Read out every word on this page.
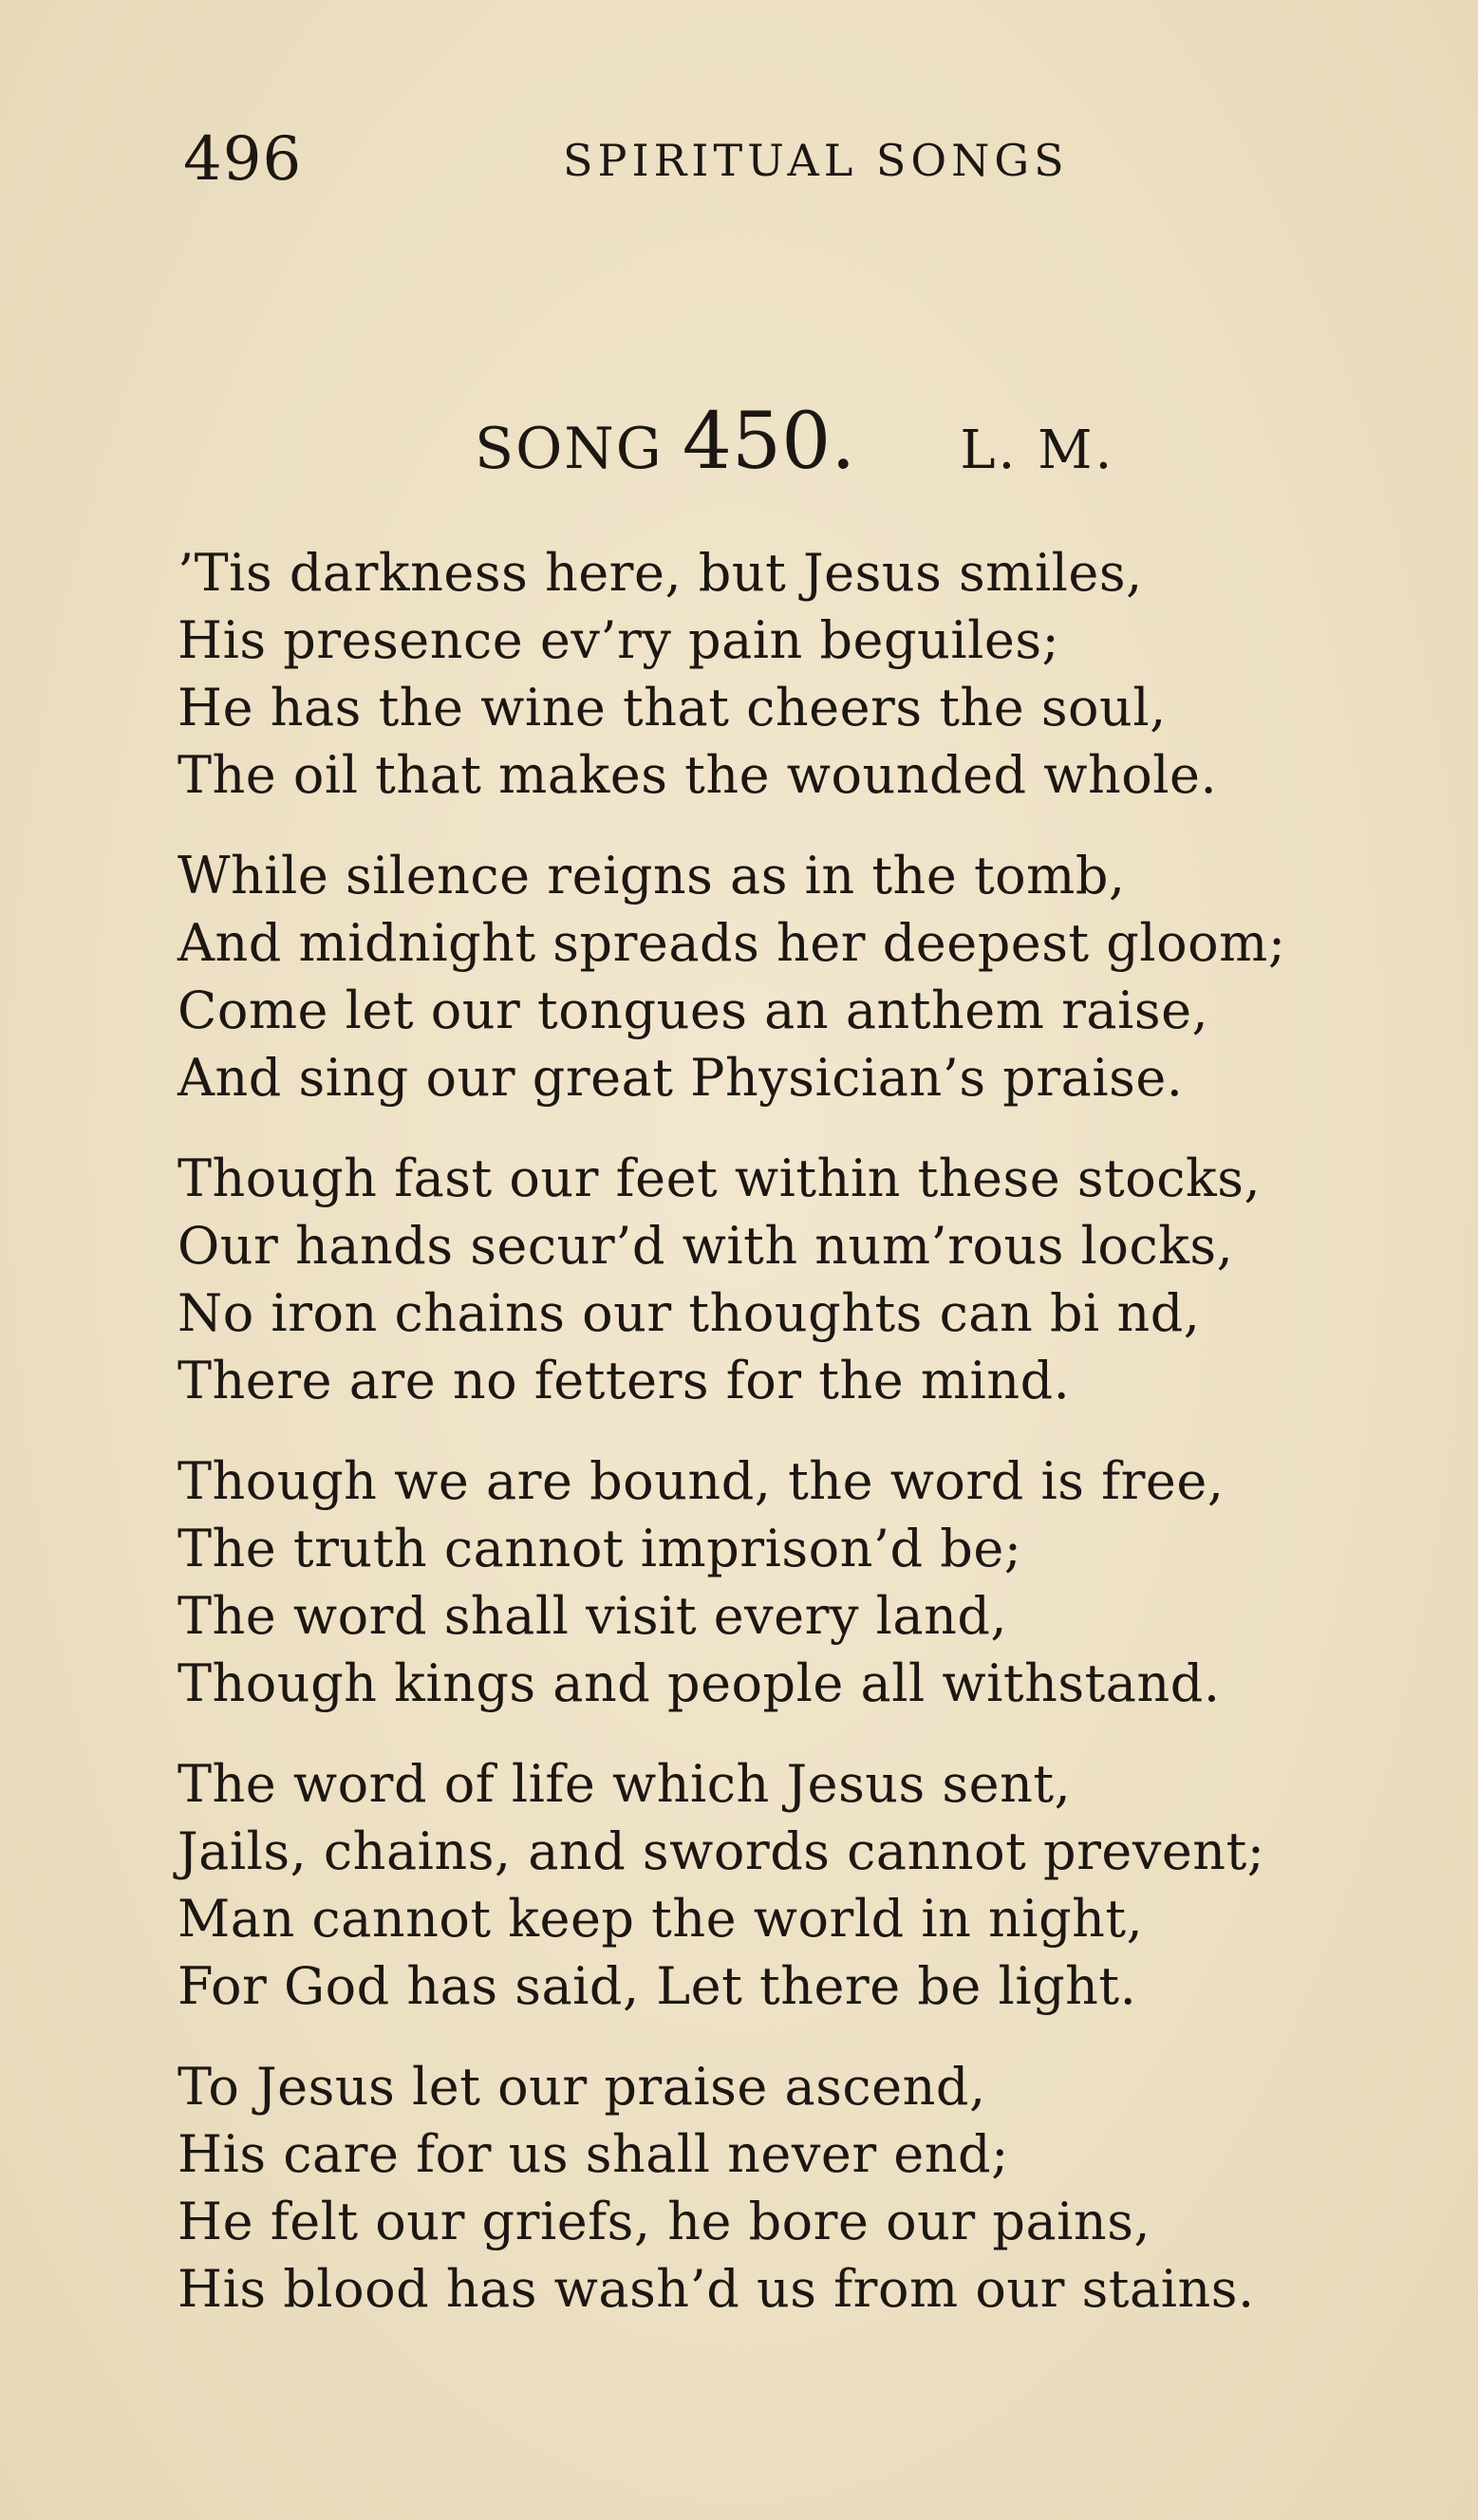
496	SPIRITUAL SONGS
SONG 450. L. M.
’Tis darkness here, but Jesus smiles,
His presence ev’ry pain beguiles;
He has the wine that cheers the soul,
The oil that makes the wounded whole.
While silence reigns as in the tomb,
And midnight spreads her deepest gloom;
Come let our tongues an anthem raise,
And sing our great Physician’s praise.
Though fast our feet within these stocks,
Our hands secur’d with num’rous locks,
No iron chains our thoughts can bi nd,
There are no fetters for the mind.
Though we are bound, the word is free,
The truth cannot imprison’d be;
The word shall visit every land,
Though kings and people all withstand.
The word of life which Jesus sent,
Jails, chains, and swords cannot prevent;
Man cannot keep the world in night,
For God has said, Let there be light.
To Jesus let our praise ascend,
His care for us shall never end;
He felt our griefs, he bore our pains,
His blood has wash’d us from our stains.
